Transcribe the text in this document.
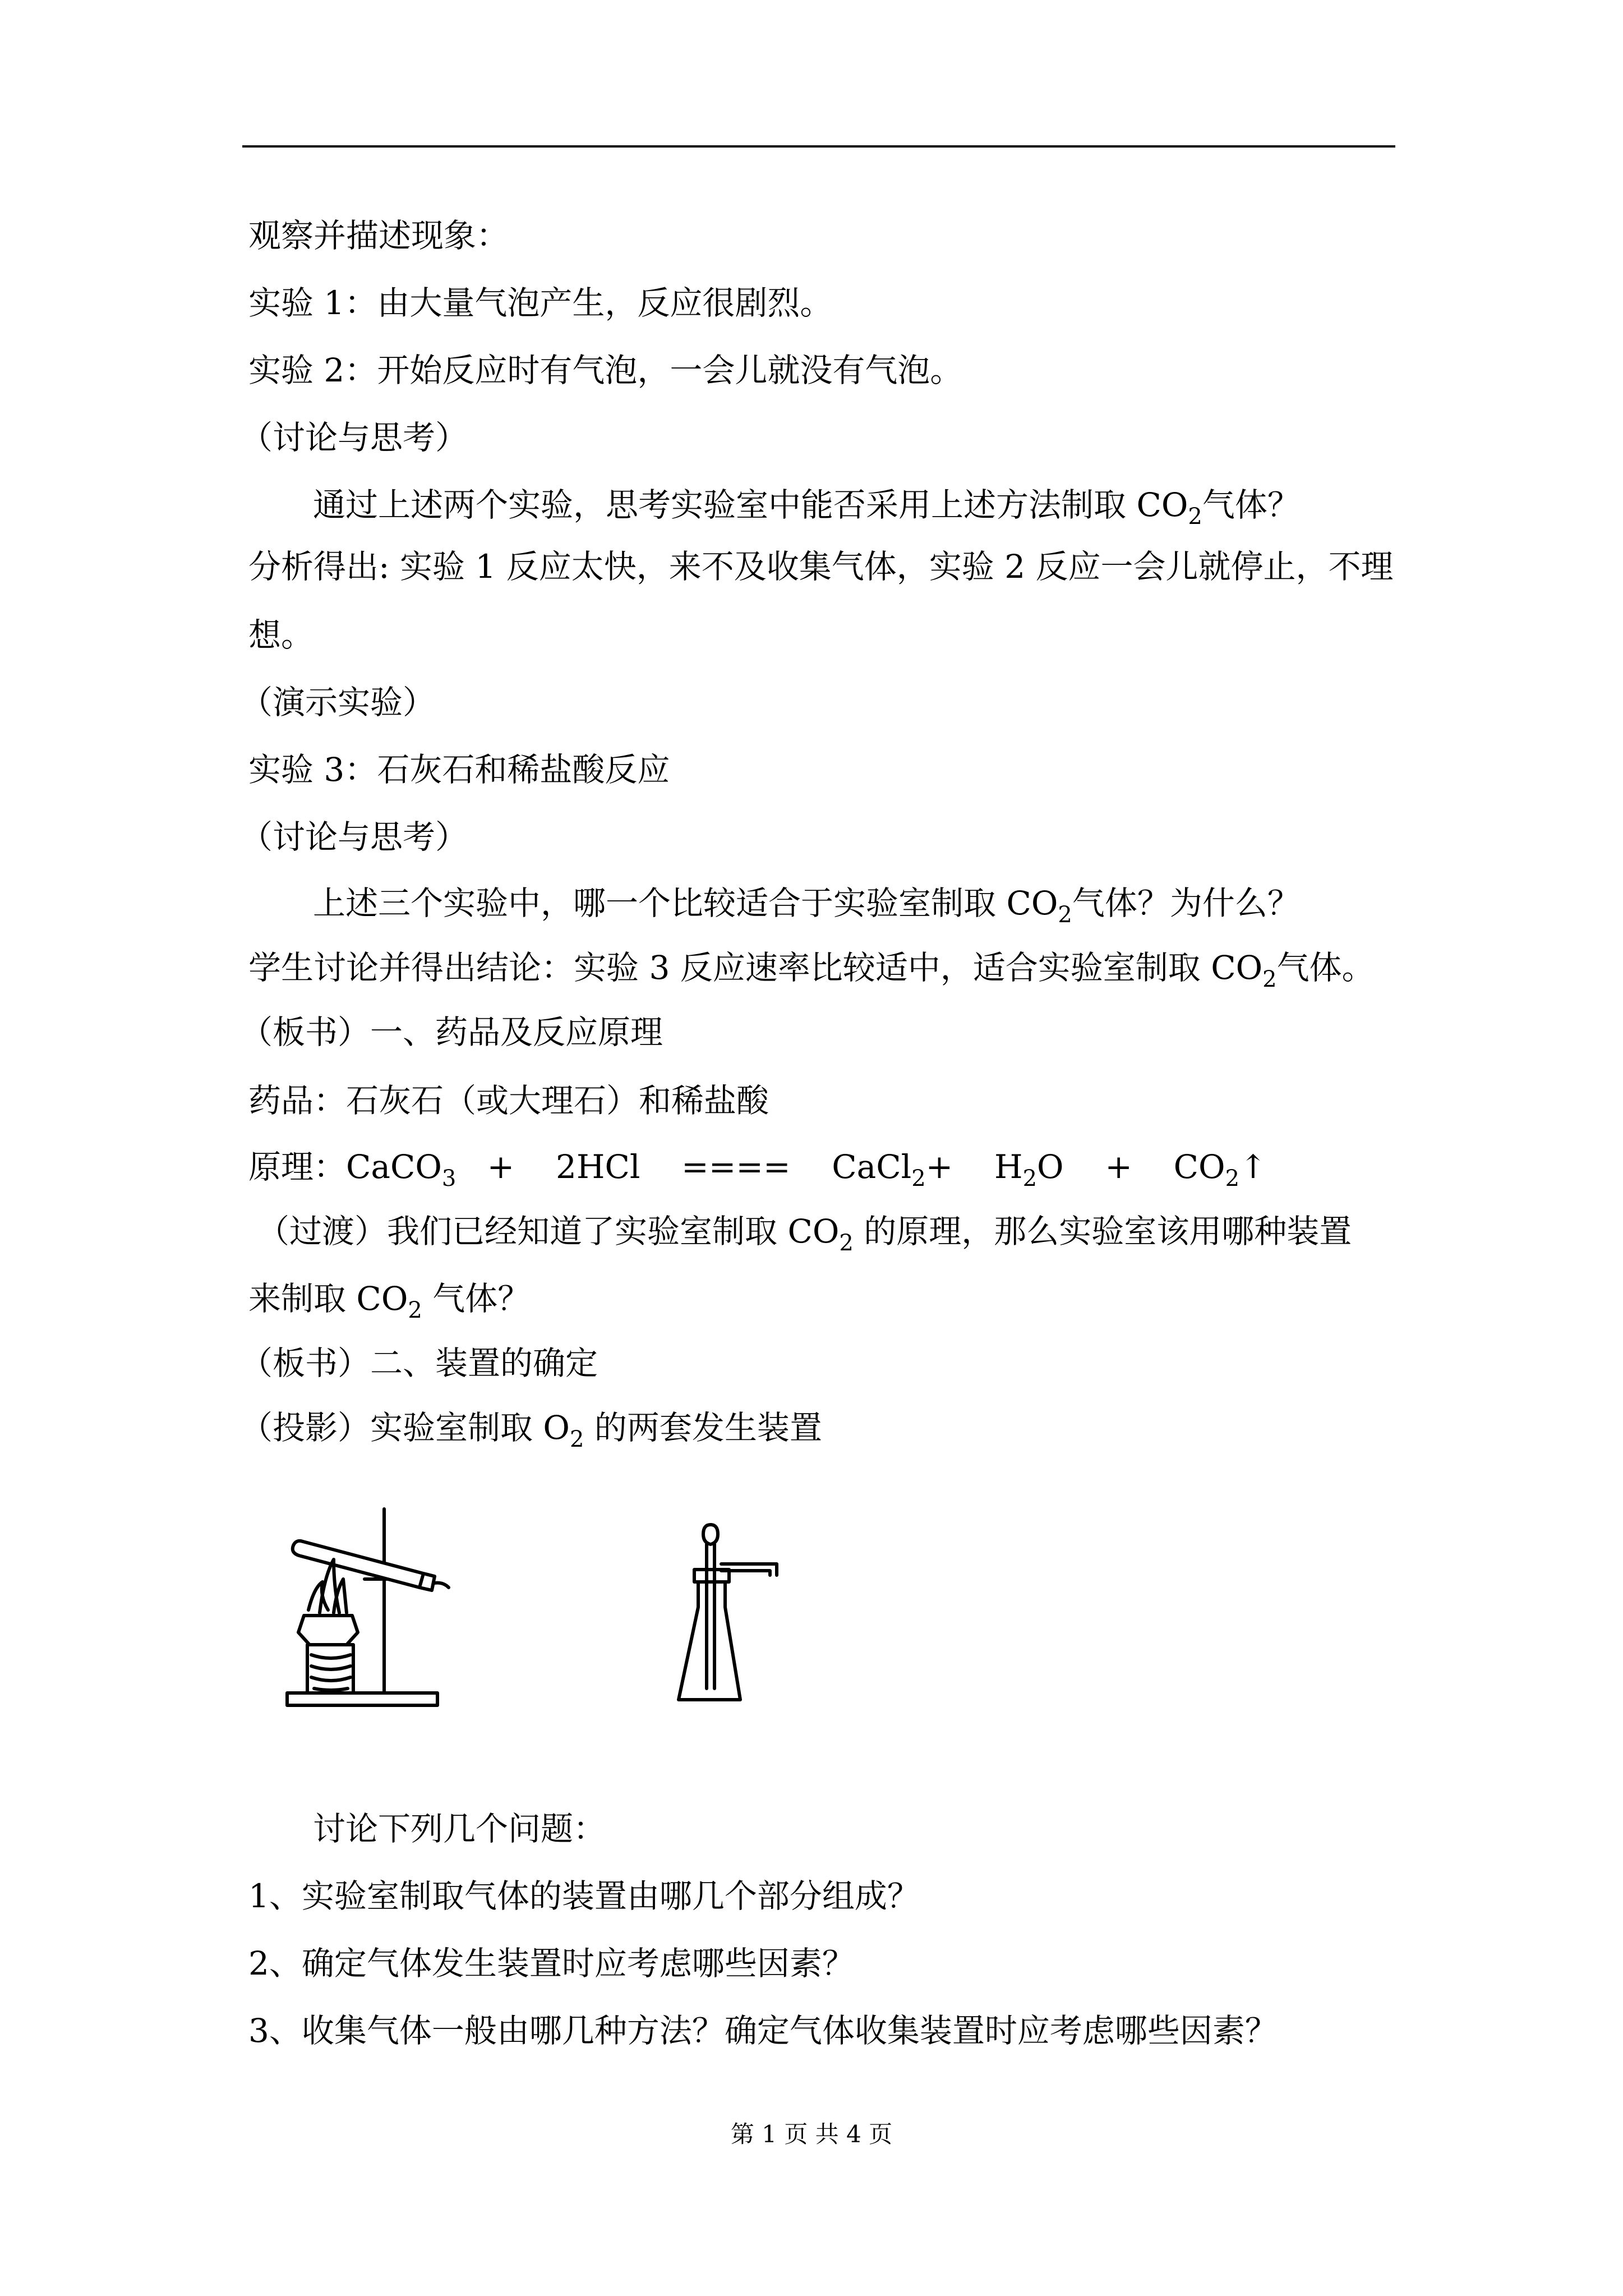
观察并描述现象：
实验 1：由大量气泡产生，反应很剧烈。
实验 2：开始反应时有气泡，一会儿就没有气泡。
（讨论与思考）
通过上述两个实验，思考实验室中能否采用上述方法制取 $CO_2$气体？
分析得出: 实验 1 反应太快，来不及收集气体，实验 2 反应一会儿就停止，不理
想。
（演示实验）
实验 3：石灰石和稀盐酸反应
（讨论与思考）
上述三个实验中，哪一个比较适合于实验室制取 $CO_2$气体？为什么？
学生讨论并得出结论：实验 3 反应速率比较适中，适合实验室制取 $CO_2$气体。
（板书）一、药品及反应原理
药品：石灰石（或大理石）和稀盐酸
原理：CaCO$_3$   +    2HCl    ====    CaCl$_2$+    $H_2O$    +    $CO_2↑$
（过渡）我们已经知道了实验室制取 $CO_2$ 的原理，那么实验室该用哪种装置
来制取 $CO_2$ 气体？
（板书）二、装置的确定
（投影）实验室制取 $O_2$ 的两套发生装置
讨论下列几个问题：
1、实验室制取气体的装置由哪几个部分组成？
2、确定气体发生装置时应考虑哪些因素？
3、收集气体一般由哪几种方法？确定气体收集装置时应考虑哪些因素？
第 1 页 共 4 页
